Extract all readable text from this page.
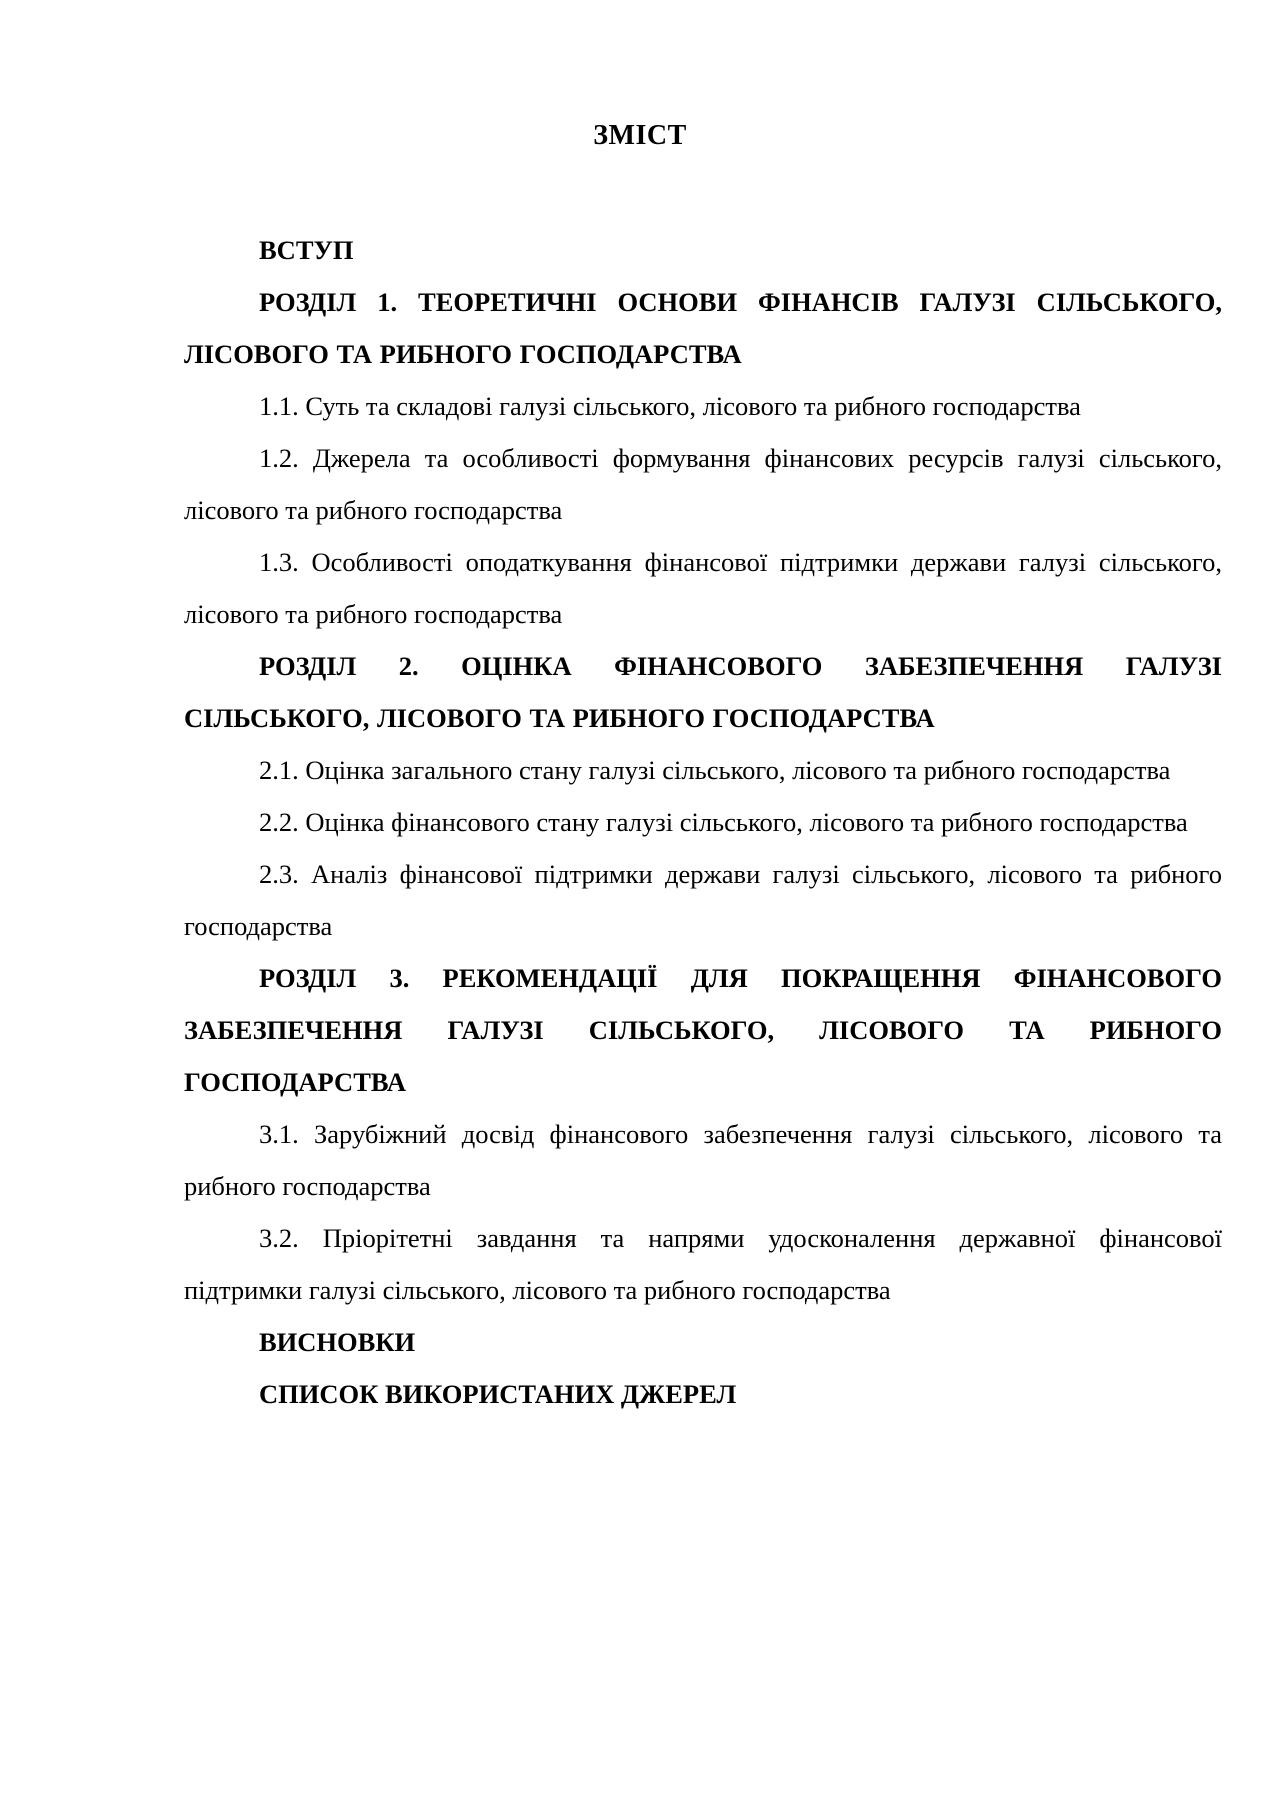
ЗМІСТ

ВСТУП

РОЗДІЛ 1. ТЕОРЕТИЧНІ ОСНОВИ ФІНАНСІВ ГАЛУЗІ СІЛЬСЬКОГО, ЛІСОВОГО ТА РИБНОГО ГОСПОДАРСТВА

1.1. Суть та складові галузі сільського, лісового та рибного господарства

1.2. Джерела та особливості формування фінансових ресурсів галузі сільського, лісового та рибного господарства

1.3. Особливості оподаткування фінансової підтримки держави галузі сільського, лісового та рибного господарства

РОЗДІЛ 2. ОЦІНКА ФІНАНСОВОГО ЗАБЕЗПЕЧЕННЯ ГАЛУЗІ СІЛЬСЬКОГО, ЛІСОВОГО ТА РИБНОГО ГОСПОДАРСТВА

2.1. Оцінка загального стану галузі сільського, лісового та рибного господарства

2.2. Оцінка фінансового стану галузі сільського, лісового та рибного господарства

2.3. Аналіз фінансової підтримки держави галузі сільського, лісового та рибного господарства

РОЗДІЛ 3. РЕКОМЕНДАЦІЇ ДЛЯ ПОКРАЩЕННЯ ФІНАНСОВОГО ЗАБЕЗПЕЧЕННЯ ГАЛУЗІ СІЛЬСЬКОГО, ЛІСОВОГО ТА РИБНОГО ГОСПОДАРСТВА

3.1. Зарубіжний досвід фінансового забезпечення галузі сільського, лісового та рибного господарства

3.2. Пріорітетні завдання та напрями удосконалення державної фінансової підтримки галузі сільського, лісового та рибного господарства

ВИСНОВКИ

СПИСОК ВИКОРИСТАНИХ ДЖЕРЕЛ
